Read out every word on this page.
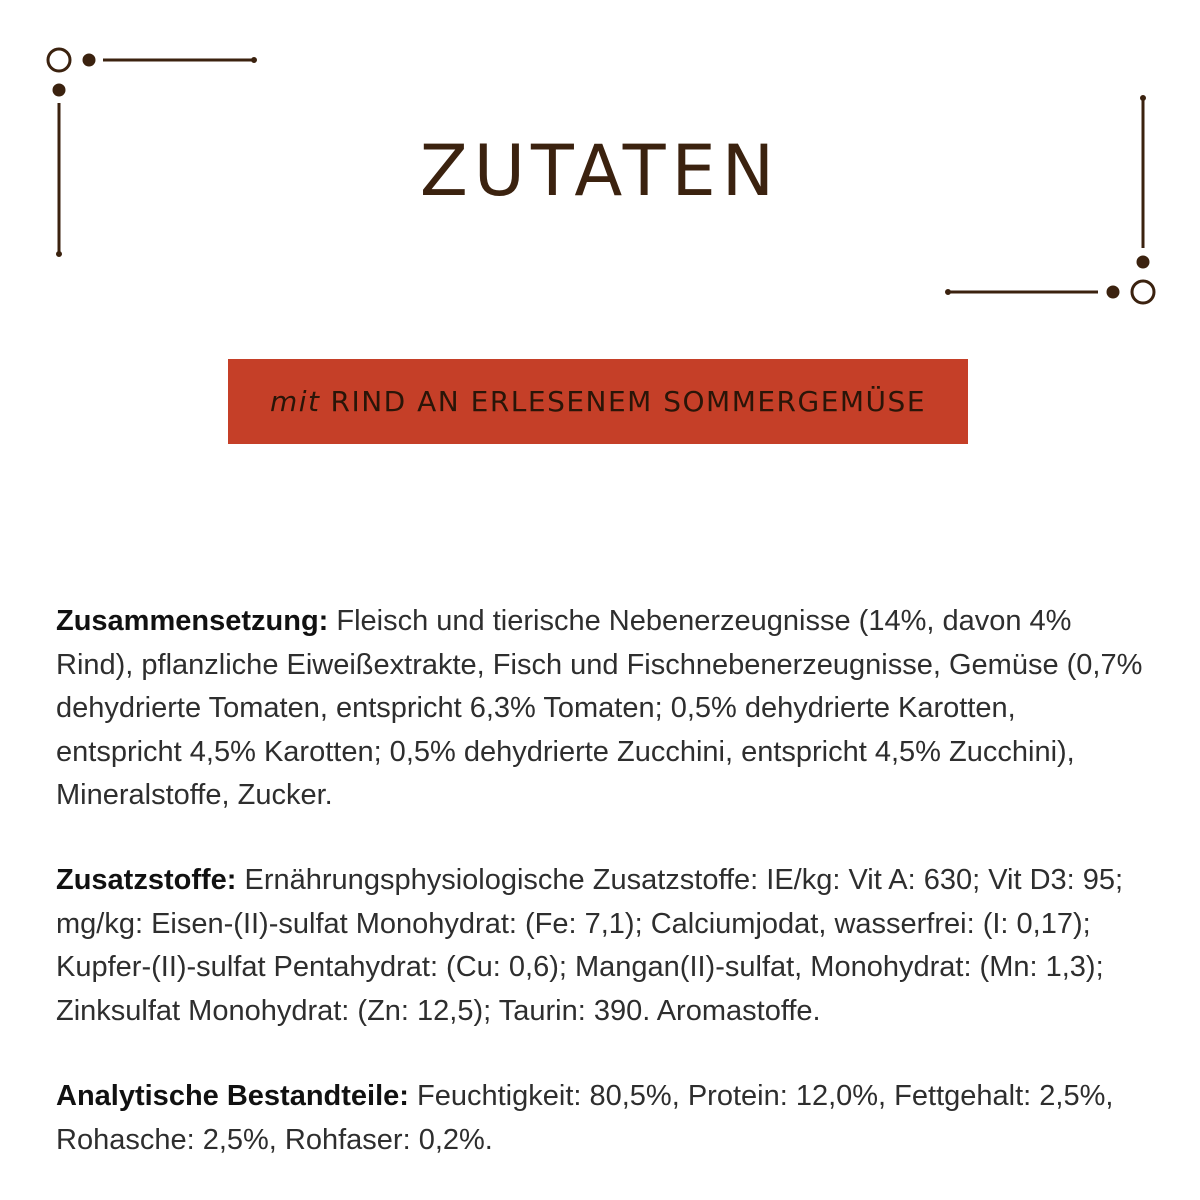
ZUTATEN
mit RIND AN ERLESENEM SOMMERGEMÜSE

Zusammensetzung: Fleisch und tierische Nebenerzeugnisse (14%, davon 4% Rind), pflanzliche Eiweißextrakte, Fisch und Fischnebenerzeugnisse, Gemüse (0,7% dehydrierte Tomaten, entspricht 6,3% Tomaten; 0,5% dehydrierte Karotten, entspricht 4,5% Karotten; 0,5% dehydrierte Zucchini, entspricht 4,5% Zucchini), Mineralstoffe, Zucker.

Zusatzstoffe: Ernährungsphysiologische Zusatzstoffe: IE/kg: Vit A: 630; Vit D3: 95; mg/kg: Eisen-(II)-sulfat Monohydrat: (Fe: 7,1); Calciumjodat, wasserfrei: (I: 0,17); Kupfer-(II)-sulfat Pentahydrat: (Cu: 0,6); Mangan(II)-sulfat, Monohydrat: (Mn: 1,3); Zinksulfat Monohydrat: (Zn: 12,5); Taurin: 390. Aromastoffe.

Analytische Bestandteile: Feuchtigkeit: 80,5%, Protein: 12,0%, Fettgehalt: 2,5%, Rohasche: 2,5%, Rohfaser: 0,2%.
